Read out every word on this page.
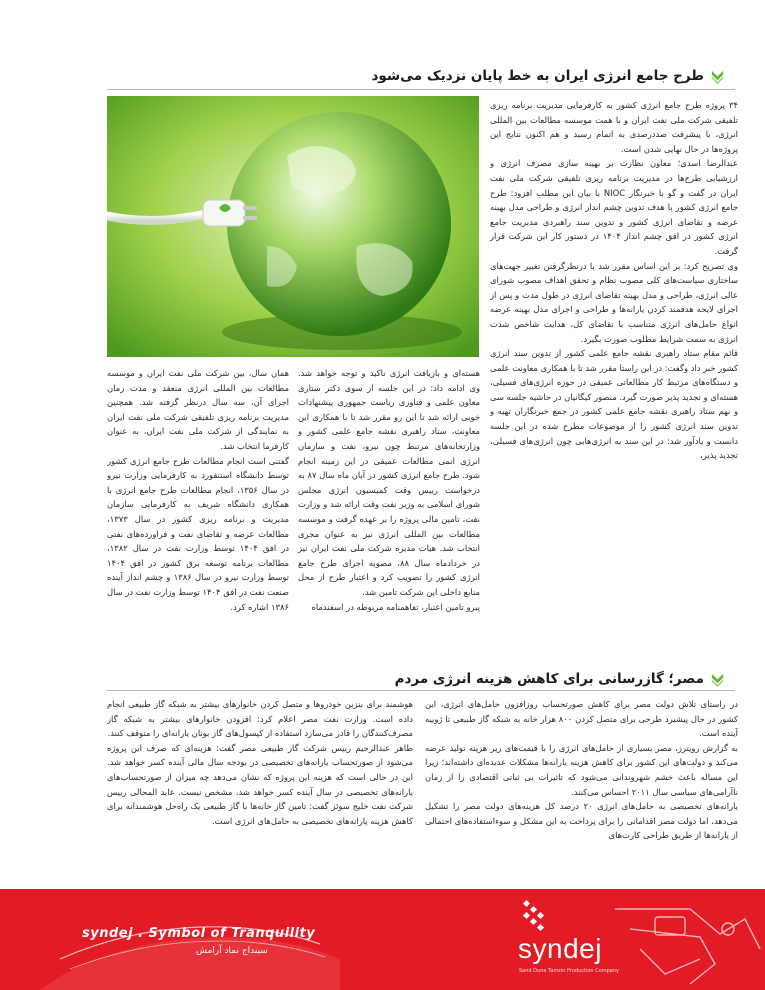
طرح جامع انرژی ایران به خط پایان نزدیک می‌شود

۳۴ پروژه طرح جامع انرژی کشور به کارفرمایی مدیریت برنامه ریزی تلفیقی شرکت ملی نفت ایران و با همت موسسه مطالعات بین المللی انرژی، با پیشرفت صددرصدی به اتمام رسید و هم اکنون نتایج این پروژه‌ها در حال نهایی شدن است.

عبدالرضا اسدی؛ معاون نظارت بر بهینه سازی مصرف انرژی و ارزشیابی طرح‌ها در مدیریت برنامه ریزی تلفیقی شرکت ملی نفت ایران در گفت و گو با خبرنگار NIOC با بیان این مطلب افزود: طرح جامع انرژی کشور با هدف تدوین چشم انداز انرژی و طراحی مدل بهینه عرضه و تقاضای انرژی کشور و تدوین سند راهبردی مدیریت جامع انرژی کشور در افق چشم انداز ۱۴۰۴ در دستور کار این شرکت قرار گرفت.

وی تصریح کرد: بر این اساس مقرر شد با درنظرگرفتن تغییر جهت‌های ساختاری سیاست‌های کلی مصوب نظام و تحقق اهداف مصوب شورای عالی انرژی، طراحی و مدل بهینه تقاضای انرژی در طول مدت و پس از اجرای لایحه هدفمند کردن یارانه‌ها و طراحی و اجرای مدل بهینه عرضه انواع حامل‌های انرژی متناسب با تقاضای کل، هدایت شاخص شدت انرژی به سمت شرایط مطلوب صورت بگیرد.

قائم مقام ستاد راهبری نقشه جامع علمی کشور از تدوین سند انرژی کشور خبر داد وگفت: در این راستا مقرر شد تا با همکاری معاونت علمی و دستگاه‌های مرتبط کار مطالعاتی عمیقی در حوزه انرژی‌های فسیلی، هسته‌ای و تجدید پذیر صورت گیرد. منصور کیگانیان در حاشیه جلسه سی و نهم ستاد راهبری نقشه جامع علمی کشور در جمع خبرنگاران تهیه و تدوین سند انرژی کشور را از موضوعات مطرح شده در این جلسه دانست و یادآور شد: در این سند به انرژی‌هایی چون انرژی‌های فسیلی، تجدید پذیر،

هسته‌ای و بازیافت انرژی تاکید و توجه خواهد شد. وی ادامه داد: در این جلسه از سوی دکتر ستاری معاون علمی و فناوری ریاست جمهوری پیشنهادات خوبی ارائه شد تا این رو مقرر شد تا با همکاری این معاونت، ستاد راهبری نقشه جامع علمی کشور و وزارتخانه‌های مرتبط چون نیرو، نفت و سازمان انرژی اتمی مطالعات عمیقی در این زمینه انجام شود. طرح جامع انرژی کشور در آبان ماه سال ۸۷ به درخواست رییس وقت کمیسیون انرژی مجلس شورای اسلامی به وزیر نفت وقت ارائه شد و وزارت نفت، تامین مالی پروژه را بر عهده گرفت و موسسه مطالعات بین المللی انرژی نیز به عنوان مجری انتخاب شد. هیات مدیره شرکت ملی نفت ایران نیز در خردادماه سال ۸۸، مصوبه اجرای طرح جامع انرژی کشور را تصویب کرد و اعتبار طرح از محل منابع داخلی این شرکت تامین شد.

پیرو تامین اعتبار، تفاهمنامه مربوطه در اسفندماه

همان سال، بین شرکت ملی نفت ایران و موسسه مطالعات بین المللی انرژی منعقد و مدت زمان اجرای آن، سه سال درنظر گرفته شد. همچنین مدیریت برنامه ریزی تلفیقی شرکت ملی نفت ایران به نمایندگی از شرکت ملی نفت ایران، به عنوان کارفرما انتخاب شد.

گفتنی است انجام مطالعات طرح جامع انرژی کشور توسط دانشگاه استنفورد به کارفرمایی وزارت نیرو در سال ۱۳۵۶، انجام مطالعات طرح جامع انرژی با همکاری دانشگاه شریف به کارفرمایی سازمان مدیریت و برنامه ریزی کشور در سال ۱۳۷۳، مطالعات عرضه و تقاضای نفت و فراورده‌های نفتی در افق ۱۴۰۴ توسط وزارت نفت در سال ۱۳۸۲، مطالعات برنامه توسعه برق کشور در افق ۱۴۰۴ توسط وزارت نیرو در سال ۱۳۸۶ و چشم انداز آینده صنعت نفت در افق ۱۴۰۴ توسط وزارت نفت در سال ۱۳۸۶ اشاره کرد.

مصر؛ گازرسانی برای کاهش هزینه انرژی مردم

در راستای تلاش دولت مصر برای کاهش صورتحساب روزافزون حامل‌های انرژی، این کشور در حال پیشبرد طرحی برای متصل کردن ۸۰۰ هزار خانه به شبکه گاز طبیعی تا ژوییه آینده است.

به گزارش رویترز، مصر بسیاری از حامل‌های انرژی را با قیمت‌های زیر هزینه تولید عرضه می‌کند و دولت‌های این کشور برای کاهش هزینه یارانه‌ها مشکلات عدیده‌ای داشته‌اند؛ زیرا این مساله باعث خشم شهروندانی می‌شود که تاثیرات بی ثباتی اقتصادی را از زمان ناآرامی‌های سیاسی سال ۲۰۱۱ احساس می‌کنند.

یارانه‌های تخصیصی به حامل‌های انرژی ۲۰ درصد کل هزینه‌های دولت مصر را تشکیل می‌دهد، اما دولت مصر اقداماتی را برای پرداخت به این مشکل و سوءاستفاده‌های احتمالی از یارانه‌ها از طریق طراحی کارت‌های

هوشمند برای بنزین خودروها و متصل کردن خانوارهای بیشتر به شبکه گاز طبیعی انجام داده است. وزارت نفت مصر اعلام کرد: افزودن خانوارهای بیشتر به شبکه گاز مصرف‌کنندگان را قادر می‌سازد استفاده از کپسول‌های گاز بوتان یارانه‌ای را متوقف کنند.

طاهر عبدالرحیم رییس شرکت گاز طبیعی مصر گفت: هزینه‌ای که صرف این پروژه می‌شود از صورتحساب یارانه‌های تخصیصی در بودجه سال مالی آینده کسر خواهد شد. این در حالی است که هزینه این پروژه که نشان می‌دهد چه میزان از صورتحساب‌های یارانه‌های تخصیصی در سال آینده کسر خواهد شد، مشخص نیست. عابد المحالی رییس شرکت نفت خلیج سوئز گفت: تامین گاز خانه‌ها با گاز طبیعی یک راه‌حل هوشمندانه برای کاهش هزینه یارانه‌های تخصیصی به حامل‌های انرژی است.

syndej . Symbol of Tranquility
سینداج نماد آرامش	syndej
Sand Dune Tamzin Production Company
